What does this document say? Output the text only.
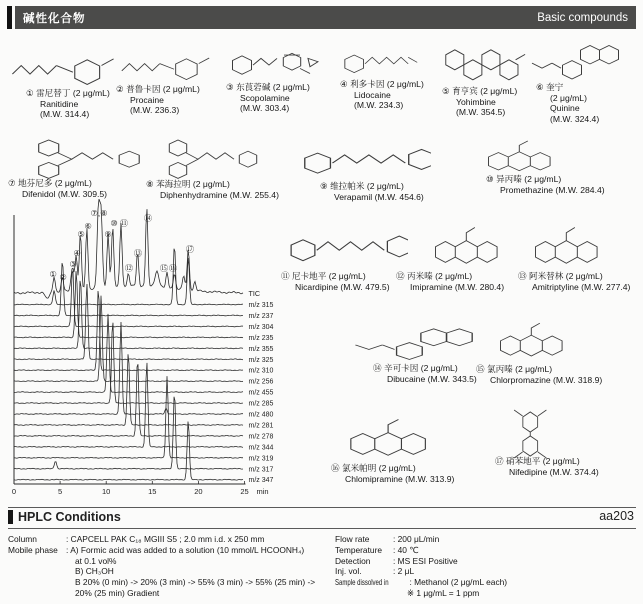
碱性化合物	Basic compounds
① 雷尼替丁 (2 μg/mL)
Ranitidine
(M.W. 314.4)
② 普鲁卡因 (2 μg/mL)
Procaine
(M.W. 236.3)
③ 东莨菪碱 (2 μg/mL)
Scopolamine
(M.W. 303.4)
④ 利多卡因 (2 μg/mL)
Lidocaine
(M.W. 234.3)
⑤ 育亨宾 (2 μg/mL)
Yohimbine
(M.W. 354.5)
⑥ 奎宁
(2 μg/mL)
Quinine
(M.W. 324.4)
⑦ 地芬尼多 (2 μg/mL)
Difenidol (M.W. 309.5)
⑧ 苯海拉明 (2 μg/mL)
Diphenhydramine (M.W. 255.4)
⑨ 维拉帕米 (2 μg/mL)
Verapamil (M.W. 454.6)
⑩ 异丙嗪 (2 μg/mL)
Promethazine (M.W. 284.4)
⑪ 尼卡地平 (2 μg/mL)
Nicardipine (M.W. 479.5)
⑫ 丙米嗪 (2 μg/mL)
Imipramine (M.W. 280.4)
⑬ 阿米替林 (2 μg/mL)
Amitriptyline (M.W. 277.4)
⑭ 辛可卡因 (2 μg/mL)
Dibucaine (M.W. 343.5)
⑮ 氯丙嗪 (2 μg/mL)
Chlorpromazine (M.W. 318.9)
⑯ 氯米帕明 (2 μg/mL)
Chlomipramine (M.W. 313.9)
⑰ 硝苯地平 (2 μg/mL)
Nifedipine (M.W. 374.4)
0	5	10	15	20	25 min
TIC
m/z 315
m/z 237
m/z 304
m/z 235
m/z 355
m/z 325
m/z 310
m/z 256
m/z 455
m/z 285
m/z 480
m/z 281
m/z 278
m/z 344
m/z 319
m/z 317
m/z 347
① ②
③
④
⑤
⑥
⑦,⑧
⑨
⑩ ⑪
⑫
⑬
⑭
⑮ ⑯
⑰
aa203
HPLC Conditions
Column	: CAPCELL PAK C₁₈ MGIII S5 ; 2.0 mm i.d. x 250 mm
Mobile phase : A) Formic acid was added to a solution (10 mmol/L HCOONH₄)
at 0.1 vol%
B) CH₃OH
B 20% (0 min) -> 20% (3 min) -> 55% (3 min) -> 55% (25 min) ->
20% (25 min) Gradient
Flow rate	: 200 μL/min
Temperature	: 40 ℃
Detection	: MS ESI Positive
Inj. vol.	: 2 μL
Sample dissolved in : Methanol (2 μg/mL each)
※ 1 μg/mL = 1 ppm
